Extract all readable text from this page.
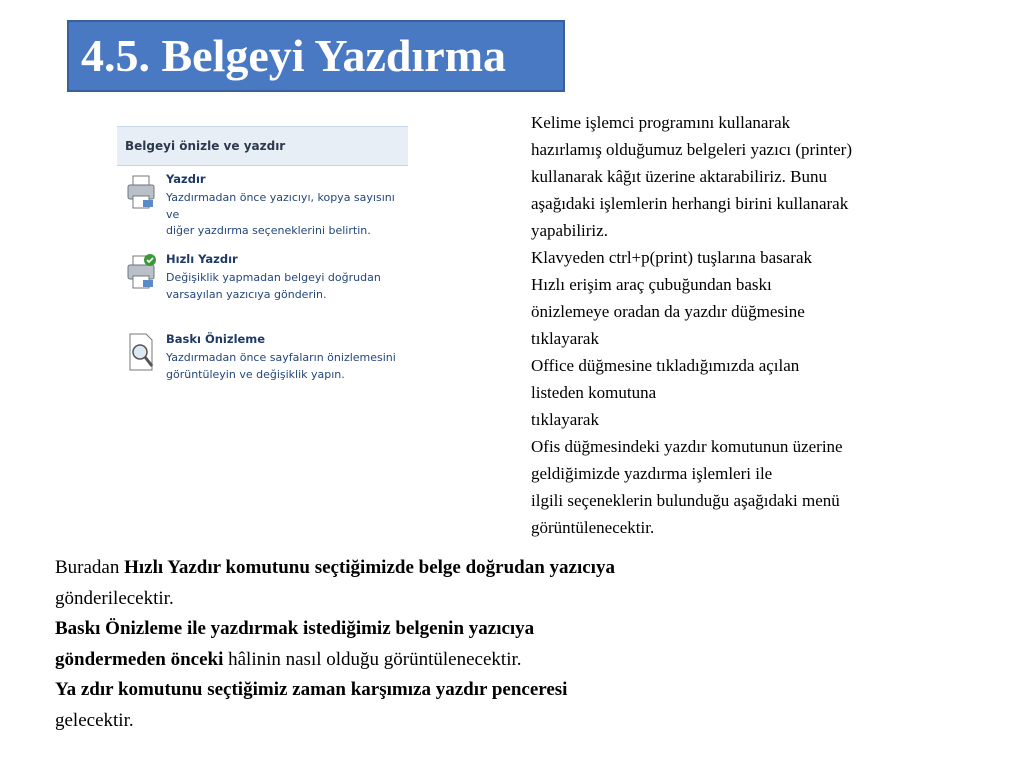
4.5. Belgeyi Yazdırma
Belgeyi önizle ve yazdır
Yazdır
Yazdırmadan önce yazıcıyı, kopya sayısını ve
diğer yazdırma seçeneklerini belirtin.
Hızlı Yazdır
Değişiklik yapmadan belgeyi doğrudan
varsayılan yazıcıya gönderin.
Baskı Önizleme
Yazdırmadan önce sayfaların önizlemesini
görüntüleyin ve değişiklik yapın.
Kelime işlemci programını kullanarak
hazırlamış olduğumuz belgeleri yazıcı (printer)
kullanarak kâğıt üzerine aktarabiliriz. Bunu
aşağıdaki işlemlerin herhangi birini kullanarak
yapabiliriz.
Klavyeden ctrl+p(print) tuşlarına basarak
Hızlı erişim araç çubuğundan baskı
önizlemeye oradan da yazdır düğmesine
tıklayarak
Office düğmesine tıkladığımızda açılan
listeden komutuna
tıklayarak
Ofis düğmesindeki yazdır komutunun üzerine
geldiğimizde yazdırma işlemleri ile
ilgili seçeneklerin bulunduğu aşağıdaki menü
görüntülenecektir.
Buradan Hızlı Yazdır komutunu seçtiğimizde belge doğrudan yazıcıya
gönderilecektir.
Baskı Önizleme ile yazdırmak istediğimiz belgenin yazıcıya
göndermeden önceki hâlinin nasıl olduğu görüntülenecektir.
Ya zdır komutunu seçtiğimiz zaman karşımıza yazdır penceresi
gelecektir.
